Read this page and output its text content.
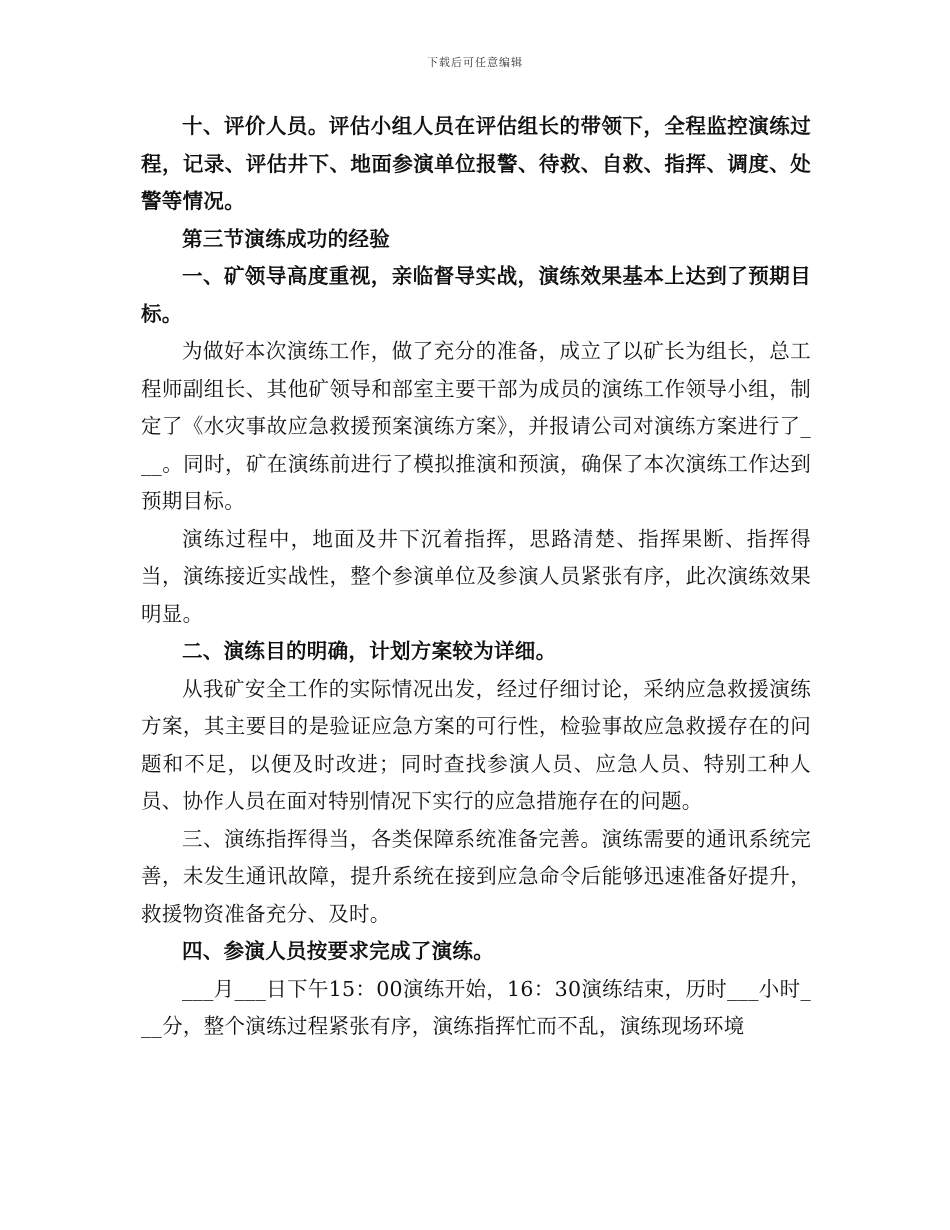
下载后可任意编辑

十、评价人员。评估小组人员在评估组长的带领下，全程监控演练过程，记录、评估井下、地面参演单位报警、待救、自救、指挥、调度、处警等情况。

第三节演练成功的经验

一、矿领导高度重视，亲临督导实战，演练效果基本上达到了预期目标。

为做好本次演练工作，做了充分的准备，成立了以矿长为组长，总工程师副组长、其他矿领导和部室主要干部为成员的演练工作领导小组，制定了《水灾事故应急救援预案演练方案》，并报请公司对演练方案进行了___。同时，矿在演练前进行了模拟推演和预演，确保了本次演练工作达到预期目标。

演练过程中，地面及井下沉着指挥，思路清楚、指挥果断、指挥得当，演练接近实战性，整个参演单位及参演人员紧张有序，此次演练效果明显。

二、演练目的明确，计划方案较为详细。

从我矿安全工作的实际情况出发，经过仔细讨论，采纳应急救援演练方案，其主要目的是验证应急方案的可行性，检验事故应急救援存在的问题和不足，以便及时改进；同时查找参演人员、应急人员、特别工种人员、协作人员在面对特别情况下实行的应急措施存在的问题。

三、演练指挥得当，各类保障系统准备完善。演练需要的通讯系统完善，未发生通讯故障，提升系统在接到应急命令后能够迅速准备好提升，救援物资准备充分、及时。

四、参演人员按要求完成了演练。

___月___日下午15：00演练开始，16：30演练结束，历时___小时___分，整个演练过程紧张有序，演练指挥忙而不乱，演练现场环境
